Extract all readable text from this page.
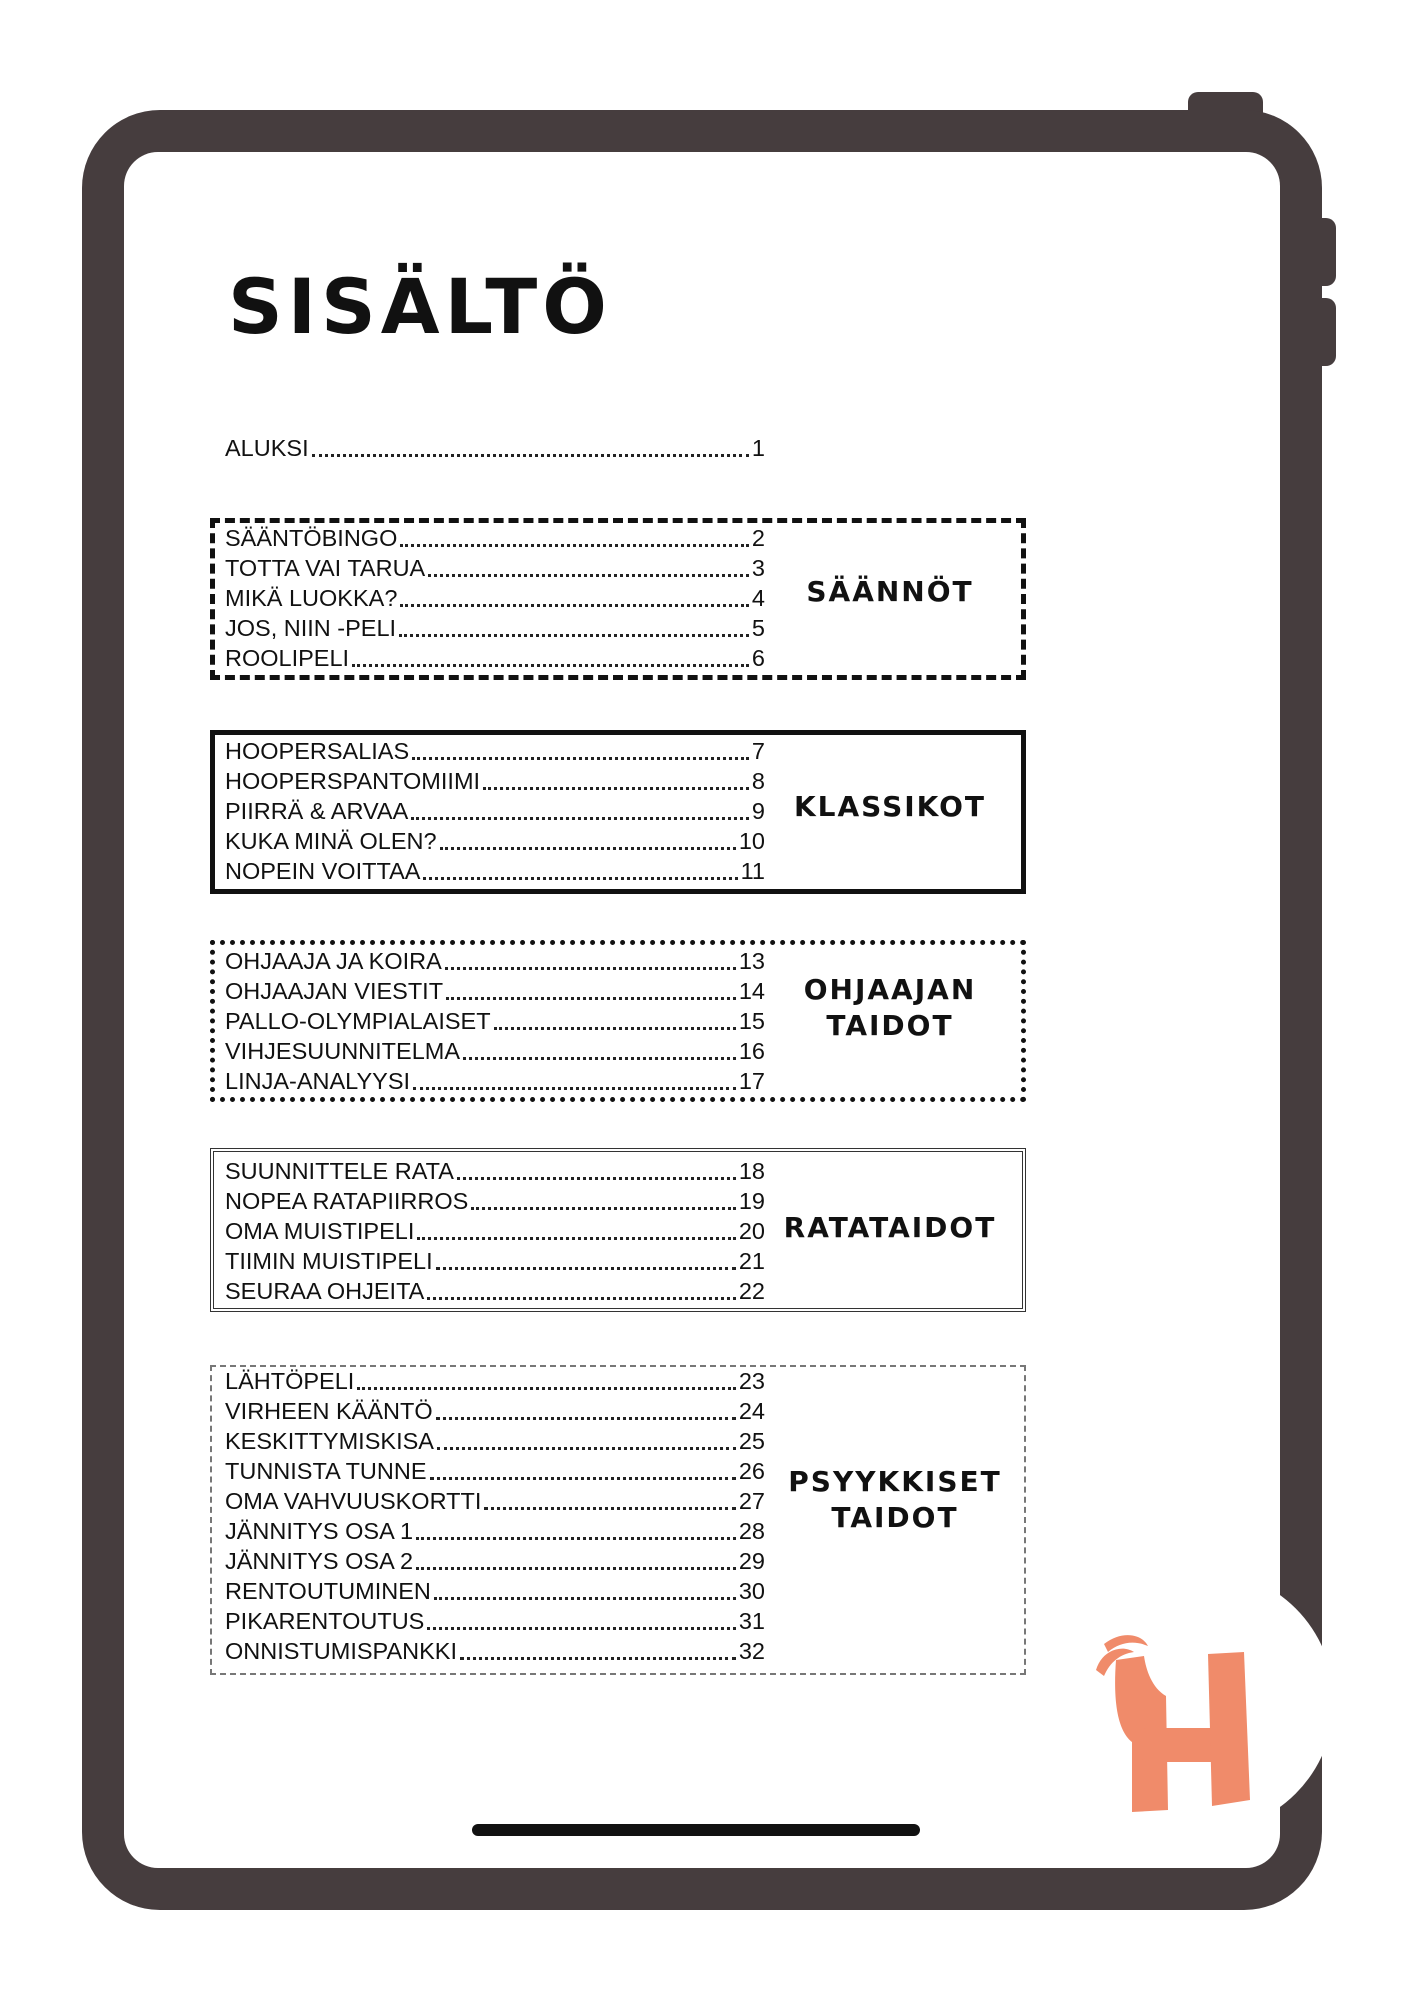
SISÄLTÖ
ALUKSI	1
SÄÄNNÖT
SÄÄNTÖBINGO	2
TOTTA VAI TARUA	3
MIKÄ LUOKKA?	4
JOS, NIIN -PELI	5
ROOLIPELI	6
KLASSIKOT
HOOPERSALIAS	7
HOOPERSPANTOMIIMI	8
PIIRRÄ & ARVAA	9
KUKA MINÄ OLEN?	10
NOPEIN VOITTAA	11
OHJAAJAN
TAIDOT
OHJAAJA JA KOIRA	13
OHJAAJAN VIESTIT	14
PALLO-OLYMPIALAISET	15
VIHJESUUNNITELMA	16
LINJA-ANALYYSI	17
RATATAIDOT
SUUNNITTELE RATA	18
NOPEA RATAPIIRROS	19
OMA MUISTIPELI	20
TIIMIN MUISTIPELI	21
SEURAA OHJEITA	22
PSYYKKISET
TAIDOT
LÄHTÖPELI	23
VIRHEEN KÄÄNTÖ	24
KESKITTYMISKISA	25
TUNNISTA TUNNE	26
OMA VAHVUUSKORTTI	27
JÄNNITYS OSA 1	28
JÄNNITYS OSA 2	29
RENTOUTUMINEN	30
PIKARENTOUTUS	31
ONNISTUMISPANKKI	32
